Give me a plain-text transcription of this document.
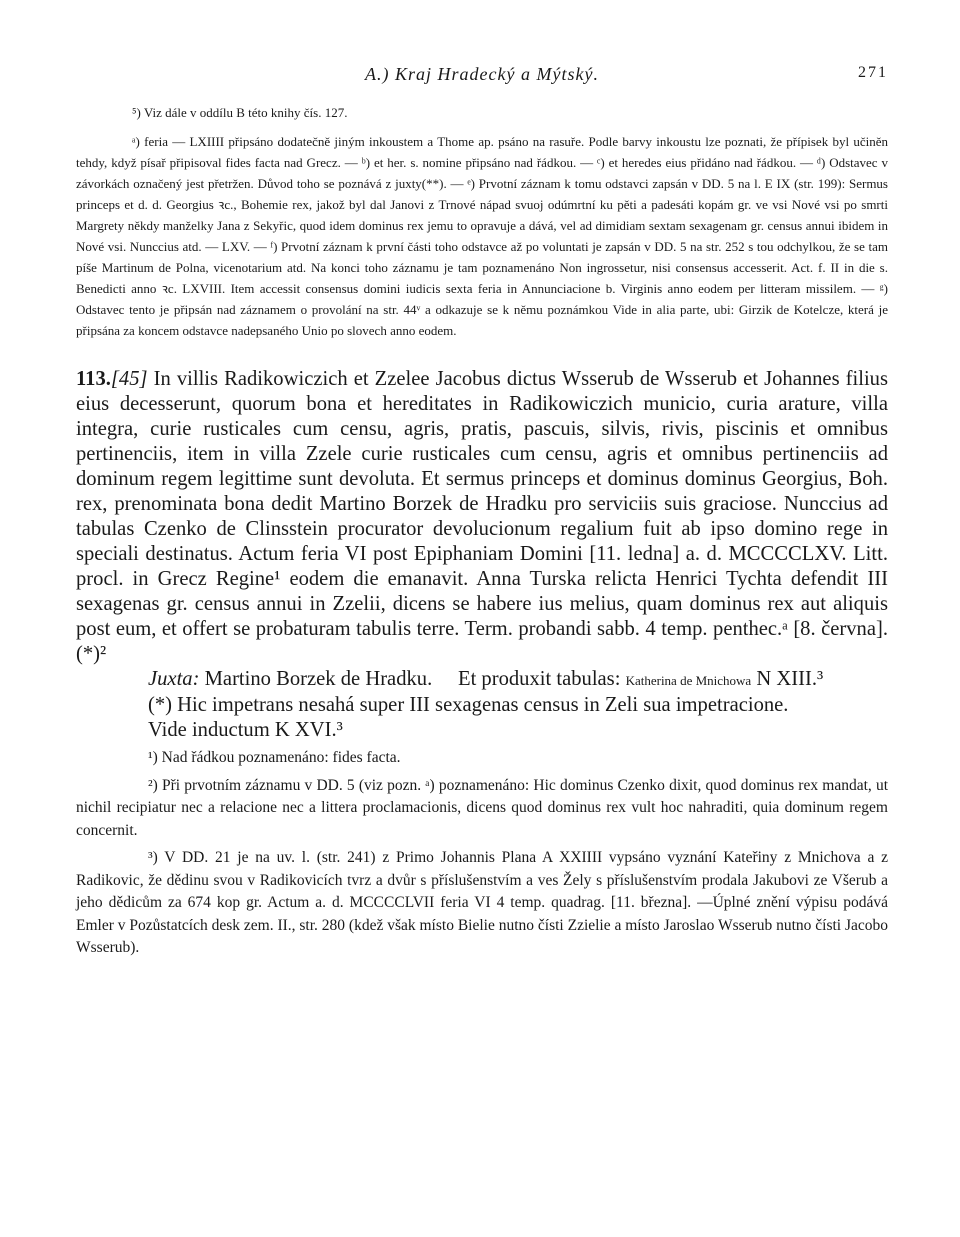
A.) Kraj Hradecký a Mýtský.	271

⁵) Viz dále v oddílu B této knihy čís. 127.

ᵃ) feria — LXIIII připsáno dodatečně jiným inkoustem a Thome ap. psáno na rasuře. Podle barvy inkoustu lze poznati, že přípisek byl učiněn tehdy, když písař připisoval fides facta nad Grecz. — ᵇ) et her. s. nomine připsáno nad řádkou. — ᶜ) et heredes eius přidáno nad řádkou. — ᵈ) Odstavec v závorkách označený jest přetržen. Důvod toho se poznává z juxty(**). — ᵉ) Prvotní záznam k tomu odstavci zapsán v DD. 5 na l. E IX (str. 199): Sermus princeps et d. d. Georgius ꝛc., Bohemie rex, jakož byl dal Janovi z Trnové nápad svuoj odúmrtní ku pěti a padesáti kopám gr. ve vsi Nové vsi po smrti Margrety někdy manželky Jana z Sekyřic, quod idem dominus rex jemu to opravuje a dává, vel ad dimidiam sextam sexagenam gr. census annui ibidem in Nové vsi. Nunccius atd. — LXV. — ᶠ) Prvotní záznam k první části toho odstavce až po voluntati je zapsán v DD. 5 na str. 252 s tou odchylkou, že se tam píše Martinum de Polna, vicenotarium atd. Na konci toho záznamu je tam poznamenáno Non ingrossetur, nisi consensus accesserit. Act. f. II in die s. Benedicti anno ꝛc. LXVIII. Item accessit consensus domini iudicis sexta feria in Annunciacione b. Virginis anno eodem per litteram missilem. — ᵍ) Odstavec tento je připsán nad záznamem o provolání na str. 44ᵛ a odkazuje se k němu poznámkou Vide in alia parte, ubi: Girzik de Kotelcze, která je připsána za koncem odstavce nadepsaného Unio po slovech anno eodem.

113.[45] In villis Radikowiczich et Zzelee Jacobus dictus Wsserub de Wsserub et Johannes filius eius decesserunt, quorum bona et hereditates in Radikowiczich municio, curia arature, villa integra, curie rusticales cum censu, agris, pratis, pascuis, silvis, rivis, piscinis et omnibus pertinenciis, item in villa Zzele curie rusticales cum censu, agris et omnibus pertinenciis ad dominum regem legittime sunt devoluta. Et sermus princeps et dominus dominus Georgius, Boh. rex, prenominata bona dedit Martino Borzek de Hradku pro serviciis suis graciose. Nunccius ad tabulas Czenko de Clinsstein procurator devolucionum regalium fuit ab ipso domino rege in speciali destinatus. Actum feria VI post Epiphaniam Domini [11. ledna] a. d. MCCCCLXV. Litt. procl. in Grecz Regine¹ eodem die emanavit. Anna Turska relicta Henrici Tychta defendit III sexagenas gr. census annui in Zzelii, dicens se habere ius melius, quam dominus rex aut aliquis post eum, et offert se probaturam tabulis terre. Term. probandi sabb. 4 temp. penthec.ᵃ [8. června].(*)²

Juxta: Martino Borzek de Hradku. Et produxit tabulas: Katherina de Mnichowa N XIII.³

(*) Hic impetrans nesahá super III sexagenas census in Zeli sua impetracione.

Vide inductum K XVI.³

¹) Nad řádkou poznamenáno: fides facta.

²) Při prvotním záznamu v DD. 5 (viz pozn. ᵃ) poznamenáno: Hic dominus Czenko dixit, quod dominus rex mandat, ut nichil recipiatur nec a relacione nec a littera proclamacionis, dicens quod dominus rex vult hoc nahraditi, quia dominum regem concernit.

³) V DD. 21 je na uv. l. (str. 241) z Primo Johannis Plana A XXIIII vypsáno vyznání Kateřiny z Mnichova a z Radikovic, že dědinu svou v Radikovicích tvrz a dvůr s příslušenstvím a ves Žely s příslušenstvím prodala Jakubovi ze Všerub a jeho dědicům za 674 kop gr. Actum a. d. MCCCCLVII feria VI 4 temp. quadrag. [11. března]. —Úplné znění výpisu podává Emler v Pozůstatcích desk zem. II., str. 280 (kdež však místo Bielie nutno čísti Zzielie a místo Jaroslao Wsserub nutno čísti Jacobo Wsserub).
